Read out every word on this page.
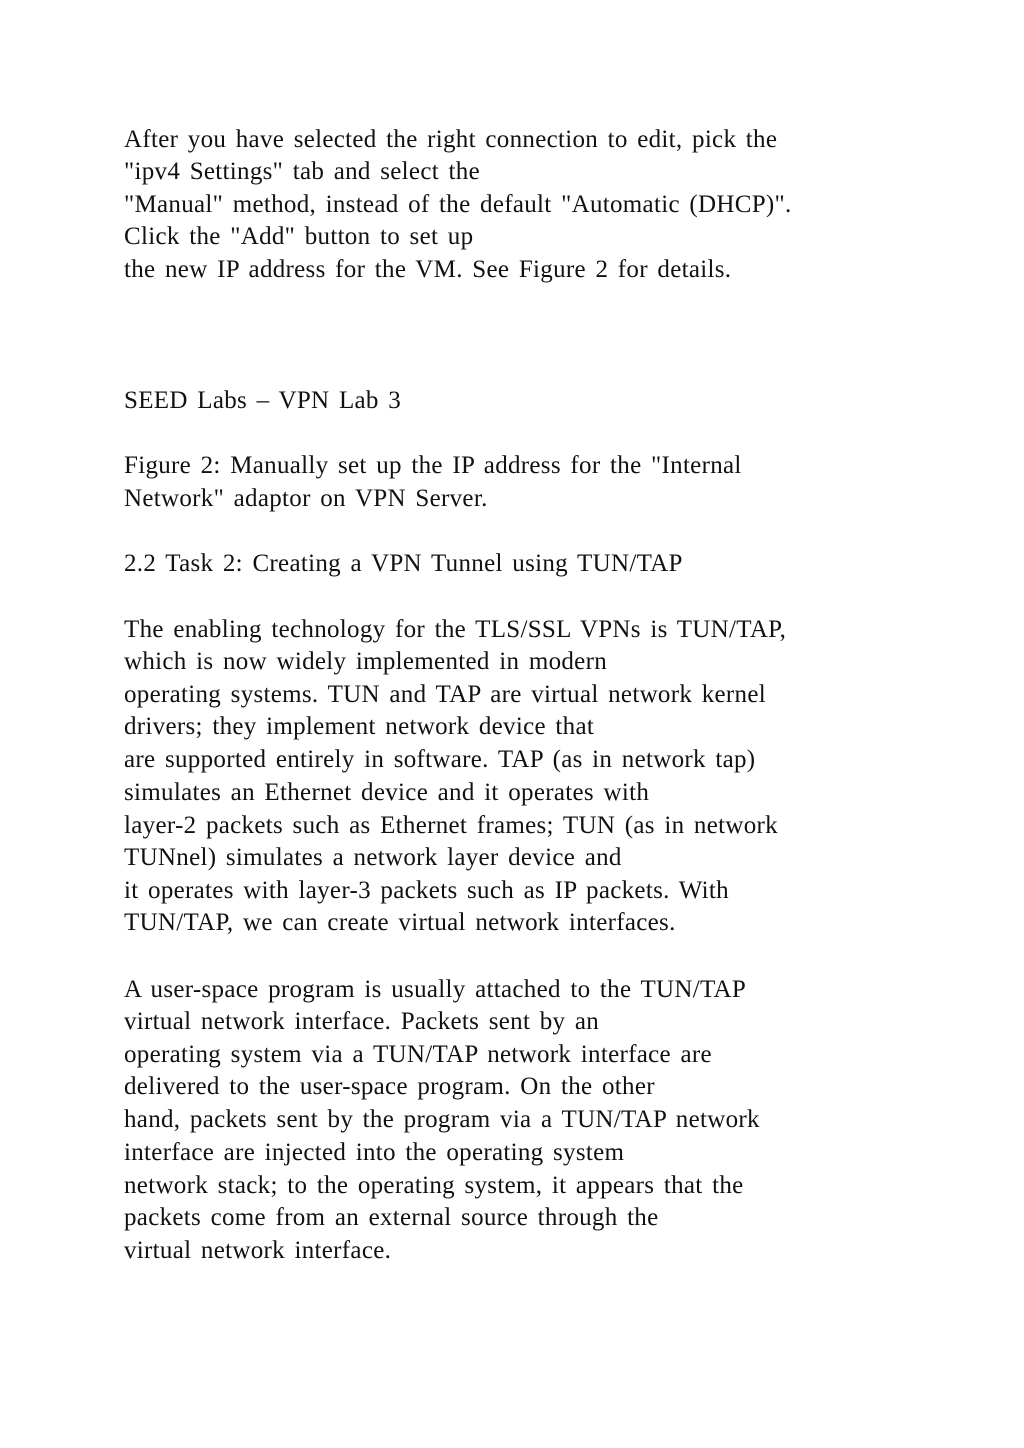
After you have selected the right connection to edit, pick the

"ipv4 Settings" tab and select the

"Manual" method, instead of the default "Automatic (DHCP)".

Click the "Add" button to set up

the new IP address for the VM. See Figure 2 for details.

SEED Labs – VPN Lab 3

Figure 2: Manually set up the IP address for the "Internal

Network" adaptor on VPN Server.

2.2 Task 2: Creating a VPN Tunnel using TUN/TAP

The enabling technology for the TLS/SSL VPNs is TUN/TAP,

which is now widely implemented in modern

operating systems. TUN and TAP are virtual network kernel

drivers; they implement network device that

are supported entirely in software. TAP (as in network tap)

simulates an Ethernet device and it operates with

layer-2 packets such as Ethernet frames; TUN (as in network

TUNnel) simulates a network layer device and

it operates with layer-3 packets such as IP packets. With

TUN/TAP, we can create virtual network interfaces.

A user-space program is usually attached to the TUN/TAP

virtual network interface. Packets sent by an

operating system via a TUN/TAP network interface are

delivered to the user-space program. On the other

hand, packets sent by the program via a TUN/TAP network

interface are injected into the operating system

network stack; to the operating system, it appears that the

packets come from an external source through the

virtual network interface.
